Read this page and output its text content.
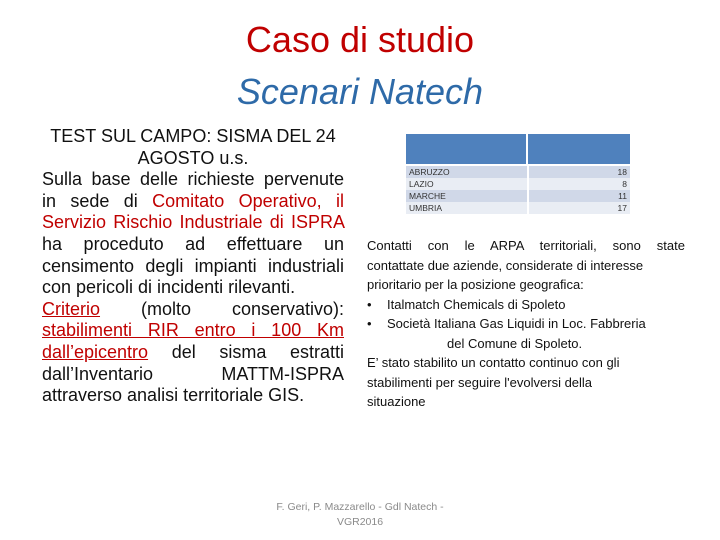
Caso di studio
Scenari Natech
TEST SUL CAMPO: SISMA DEL 24 AGOSTO u.s.
Sulla base delle richieste pervenute in sede di Comitato Operativo, il Servizio Rischio Industriale di ISPRA ha proceduto ad effettuare un censimento degli impianti industriali con pericoli di incidenti rilevanti.
Criterio (molto conservativo): stabilimenti RIR entro i 100 Km dall’epicentro del sisma estratti dall’Inventario MATTM-ISPRA attraverso analisi territoriale GIS.
ABRUZZO	18
LAZIO	8
MARCHE	11
UMBRIA	17
Contatti con le ARPA territoriali, sono state
contattate due aziende, considerate di interesse
prioritario per la posizione geografica:
• Italmatch Chemicals di Spoleto
• Società Italiana Gas Liquidi in Loc. Fabbreria
del Comune di Spoleto.
E’ stato stabilito un contatto continuo con gli
stabilimenti per seguire l'evolversi della
situazione
F. Geri, P. Mazzarello - Gdl Natech -
VGR2016
